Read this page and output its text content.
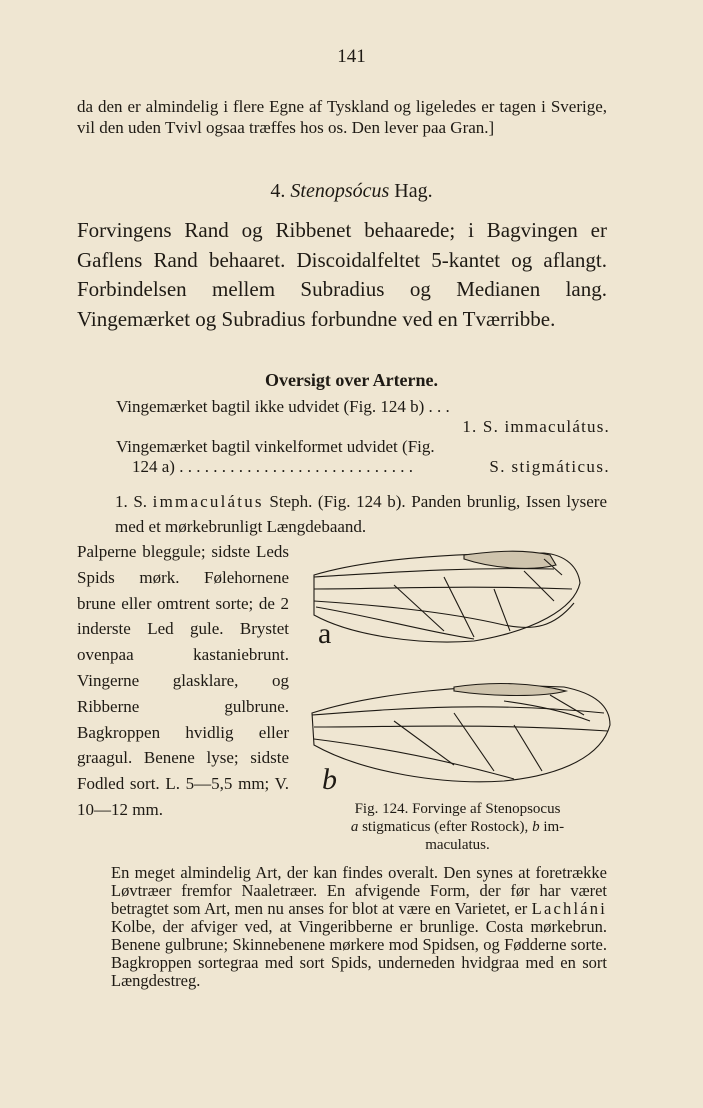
141

da den er almindelig i flere Egne af Tyskland og ligeledes er tagen i Sverige, vil den uden Tvivl ogsaa træffes hos os. Den lever paa Gran.]

4. Stenopsócus Hag.

Forvingens Rand og Ribbenet behaarede; i Bagvingen er Gaflens Rand behaaret. Discoidalfeltet 5-kantet og aflangt. Forbindelsen mellem Subradius og Medianen lang. Vingemærket og Subradius forbundne ved en Tværribbe.

Oversigt over Arterne.
Vingemærket bagtil ikke udvidet (Fig. 124 b) . . .
1. S. immaculátus.
Vingemærket bagtil vinkelformet udvidet (Fig.
124 a) . . . . . . . . . . . . . . . . . . . . . . . . . . . .	S. stigmáticus.

1. S. immaculátus Steph. (Fig. 124 b). Panden brunlig, Issen lysere med et mørkebrunligt Længdebaand.

Palperne bleggule; sidste Leds Spids mørk. Følehornene brune eller omtrent sorte; de 2 inderste Led gule. Brystet ovenpaa kastaniebrunt. Vingerne glasklare, og Ribberne gulbrune. Bagkroppen hvidlig eller graagul. Benene lyse; sidste Fodled sort. L. 5—5,5 mm; V. 10—12 mm.

a
b
Fig. 124. Forvinge af Stenopsocus
a stigmaticus (efter Rostock), b im-
maculatus.

En meget almindelig Art, der kan findes overalt. Den synes at foretrække Løvtræer fremfor Naaletræer. En afvigende Form, der før har været betragtet som Art, men nu anses for blot at være en Varietet, er Lachláni Kolbe, der afviger ved, at Vingeribberne er brunlige. Costa mørkebrun. Benene gulbrune; Skinnebenene mørkere mod Spidsen, og Fødderne sorte. Bagkroppen sortegraa med sort Spids, underneden hvidgraa med en sort Længdestreg.
